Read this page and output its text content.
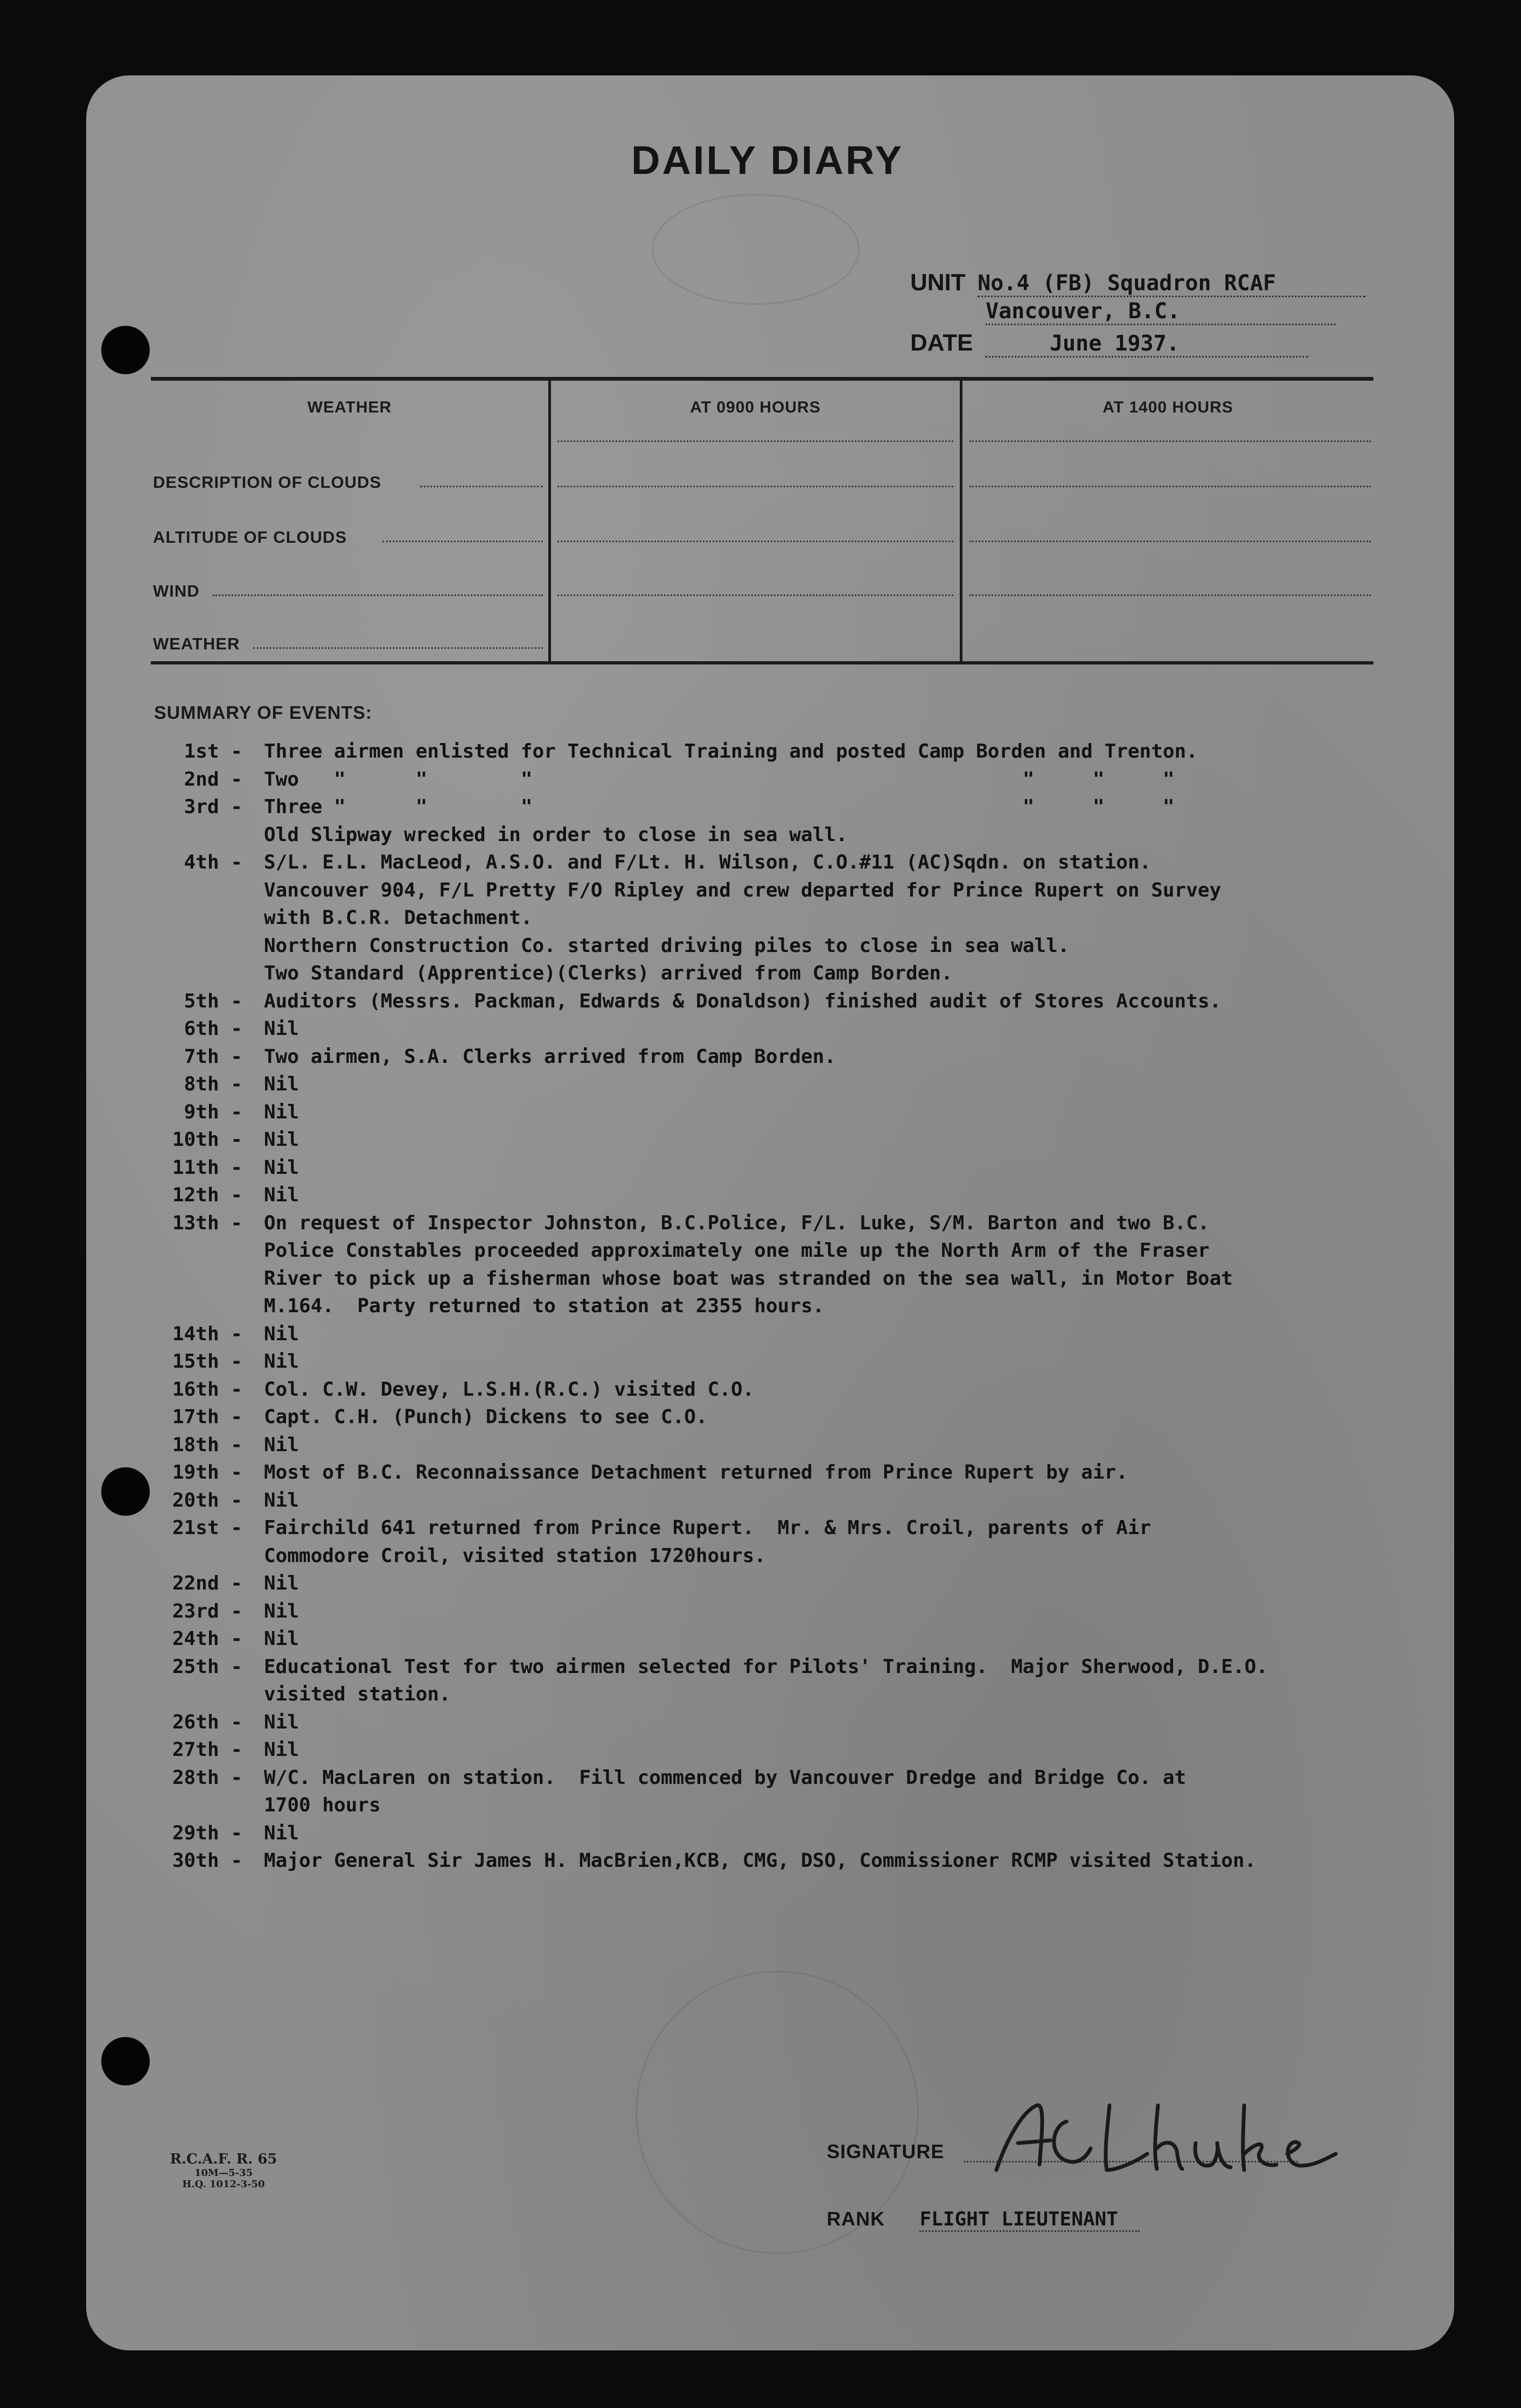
DAILY DIARY
UNIT No.4 (FB) Squadron RCAF
Vancouver, B.C.
DATE	June 1937.
WEATHER	AT 0900 HOURS	AT 1400 HOURS
DESCRIPTION OF CLOUDS
ALTITUDE OF CLOUDS
WIND
WEATHER
SUMMARY OF EVENTS:
1st - Three airmen enlisted for Technical Training and posted Camp Borden and Trenton.
2nd - Two   "      "        "                                          "     "     "
3rd - Three "      "        "                                          "     "     "
Old Slipway wrecked in order to close in sea wall.
4th - S/L. E.L. MacLeod, A.S.O. and F/Lt. H. Wilson, C.O.#11 (AC)Sqdn. on station.
Vancouver 904, F/L Pretty F/O Ripley and crew departed for Prince Rupert on Survey
with B.C.R. Detachment.
Northern Construction Co. started driving piles to close in sea wall.
Two Standard (Apprentice)(Clerks) arrived from Camp Borden.
5th - Auditors (Messrs. Packman, Edwards & Donaldson) finished audit of Stores Accounts.
6th - Nil
7th - Two airmen, S.A. Clerks arrived from Camp Borden.
8th - Nil
9th - Nil
10th - Nil
11th - Nil
12th - Nil
13th - On request of Inspector Johnston, B.C.Police, F/L. Luke, S/M. Barton and two B.C.
Police Constables proceeded approximately one mile up the North Arm of the Fraser
River to pick up a fisherman whose boat was stranded on the sea wall, in Motor Boat
M.164.  Party returned to station at 2355 hours.
14th - Nil
15th - Nil
16th - Col. C.W. Devey, L.S.H.(R.C.) visited C.O.
17th - Capt. C.H. (Punch) Dickens to see C.O.
18th - Nil
19th - Most of B.C. Reconnaissance Detachment returned from Prince Rupert by air.
20th - Nil
21st - Fairchild 641 returned from Prince Rupert.  Mr. & Mrs. Croil, parents of Air
Commodore Croil, visited station 1720hours.
22nd - Nil
23rd - Nil
24th - Nil
25th - Educational Test for two airmen selected for Pilots' Training.  Major Sherwood, D.E.O.
visited station.
26th - Nil
27th - Nil
28th - W/C. MacLaren on station.  Fill commenced by Vancouver Dredge and Bridge Co. at
1700 hours
29th - Nil
30th - Major General Sir James H. MacBrien,KCB, CMG, DSO, Commissioner RCMP visited Station.
R.C.A.F. R. 65
10M—5-35
H.Q. 1012-3-50
SIGNATURE
RANK FLIGHT LIEUTENANT
